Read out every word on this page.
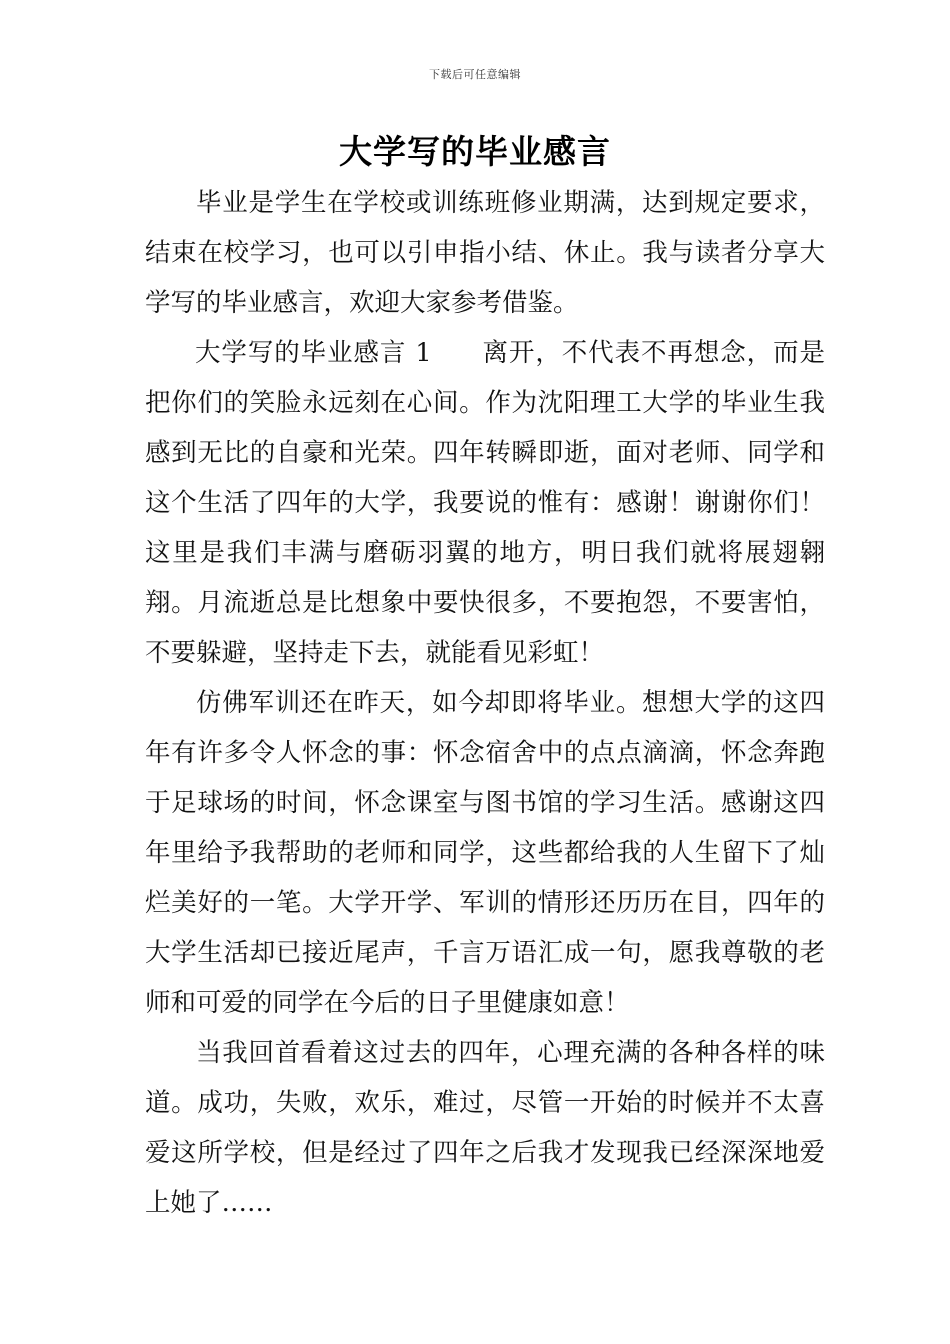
下载后可任意编辑
大学写的毕业感言

毕业是学生在学校或训练班修业期满，达到规定要求，结束在校学习，也可以引申指小结、休止。我与读者分享大学写的毕业感言，欢迎大家参考借鉴。

大学写的毕业感言 1 离开，不代表不再想念，而是把你们的笑脸永远刻在心间。作为沈阳理工大学的毕业生我感到无比的自豪和光荣。四年转瞬即逝，面对老师、同学和这个生活了四年的大学，我要说的惟有：感谢！谢谢你们！这里是我们丰满与磨砺羽翼的地方，明日我们就将展翅翱翔。月流逝总是比想象中要快很多，不要抱怨，不要害怕，不要躲避，坚持走下去，就能看见彩虹！

仿佛军训还在昨天，如今却即将毕业。想想大学的这四年有许多令人怀念的事：怀念宿舍中的点点滴滴，怀念奔跑于足球场的时间，怀念课室与图书馆的学习生活。感谢这四年里给予我帮助的老师和同学，这些都给我的人生留下了灿烂美好的一笔。大学开学、军训的情形还历历在目，四年的大学生活却已接近尾声，千言万语汇成一句，愿我尊敬的老师和可爱的同学在今后的日子里健康如意！

当我回首看着这过去的四年，心理充满的各种各样的味道。成功，失败，欢乐，难过，尽管一开始的时候并不太喜爱这所学校，但是经过了四年之后我才发现我已经深深地爱上她了……
